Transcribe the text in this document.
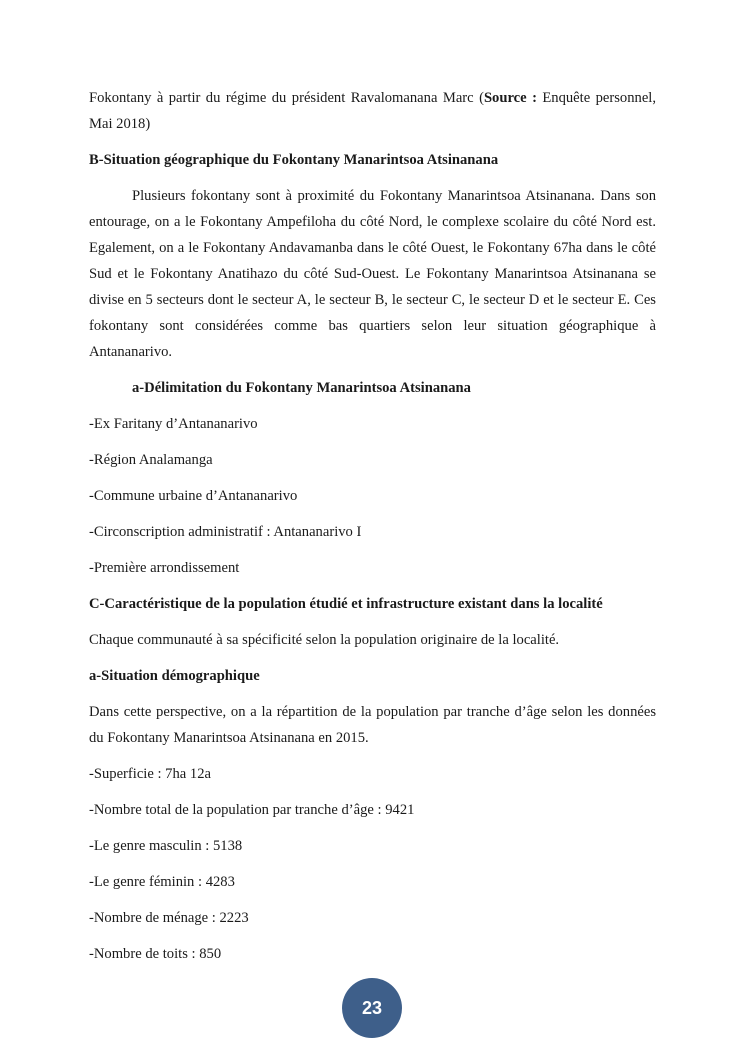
Fokontany à partir du régime du président Ravalomanana Marc (Source : Enquête personnel, Mai 2018)

B-Situation géographique du Fokontany Manarintsoa Atsinanana

Plusieurs fokontany sont à proximité du Fokontany Manarintsoa Atsinanana. Dans son entourage, on a le Fokontany Ampefiloha du côté Nord, le complexe scolaire du côté Nord est. Egalement, on a le Fokontany Andavamanba dans le côté Ouest, le Fokontany 67ha dans le côté Sud et le Fokontany Anatihazo du côté Sud-Ouest. Le Fokontany Manarintsoa Atsinanana se divise en 5 secteurs dont le secteur A, le secteur B, le secteur C, le secteur D et le secteur E. Ces fokontany sont considérées comme bas quartiers selon leur situation géographique à Antananarivo.

a-Délimitation du Fokontany Manarintsoa Atsinanana
-Ex Faritany d’Antananarivo
-Région Analamanga
-Commune urbaine d’Antananarivo
-Circonscription administratif : Antananarivo I
-Première arrondissement
C-Caractéristique de la population étudié et infrastructure existant dans la localité

Chaque communauté à sa spécificité selon la population originaire de la localité.

a-Situation démographique

Dans cette perspective, on a la répartition de la population par tranche d’âge selon les données du Fokontany Manarintsoa Atsinanana en 2015.

-Superficie : 7ha 12a
-Nombre total de la population par tranche d’âge : 9421
-Le genre masculin : 5138
-Le genre féminin : 4283
-Nombre de ménage : 2223
-Nombre de toits : 850
23
